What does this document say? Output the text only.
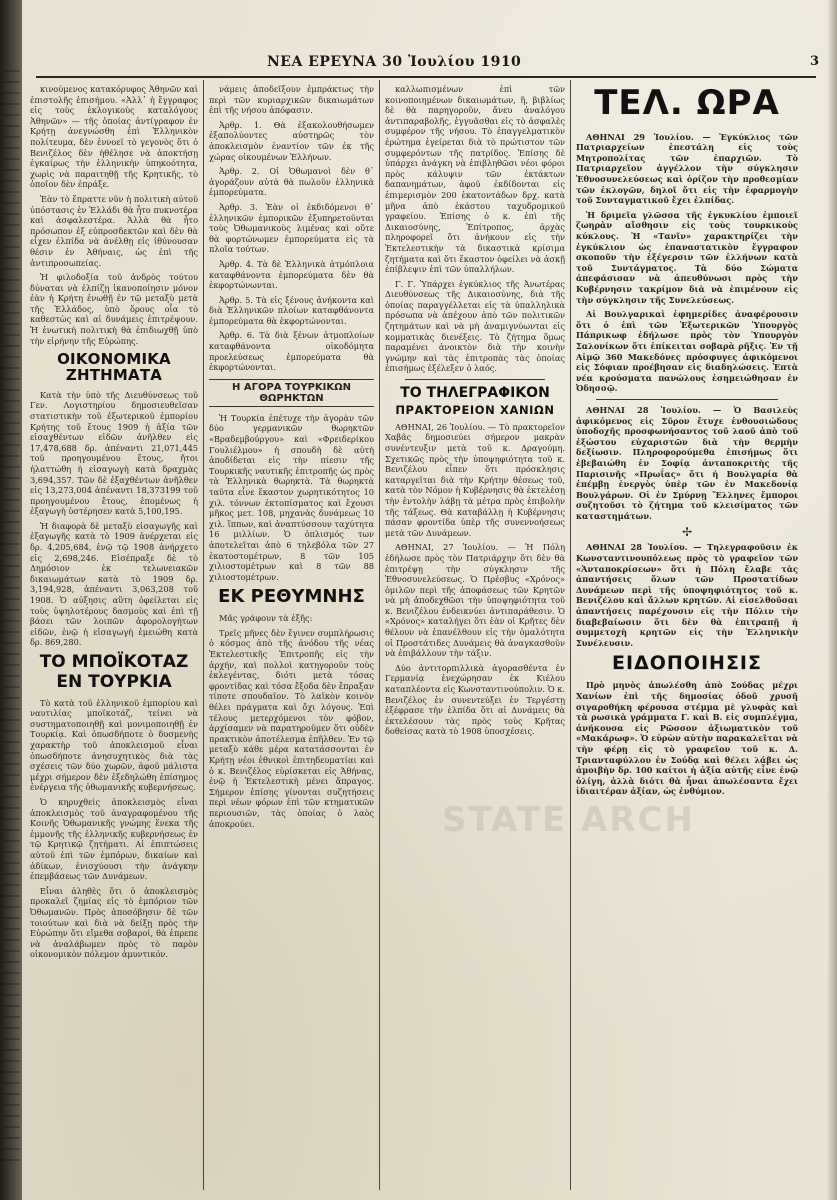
ΝΕΑ ΕΡΕΥΝΑ 30 Ἰουλίου 1910	3

κινούμενος κατακόρυφος Ἀθηνῶν καὶ ἐπιστολῆς ἐπισήμου. «Ἀλλ᾽ ἡ ἔγγραφος εἰς τοὺς ἐκλογικοὺς καταλόγους Ἀθηνῶν» — τῆς ὁποίας ἀντίγραφον ἐν Κρήτῃ ἀνεγνώσθη ἐπὶ Ἑλληνικὸν πολίτευμα, δὲν ἐννοεῖ τὸ γεγονὸς ὅτι ὁ Βενιζέλος δὲν ἠθέλησε νὰ ἀποκτήσῃ ἐγκαίρως τὴν ἑλληνικὴν ὑπηκοότητα, χωρὶς νὰ παραιτηθῇ τῆς Κρητικῆς, τὸ ὁποῖον δὲν ἐπράξε.

Ἐὰν τὸ ἔπραττε νῦν ἡ πολιτικὴ αὐτοῦ ὑπόστασις ἐν Ἑλλάδι θὰ ἦτο πυκνοτέρα καὶ ἀσφαλεστέρα. Ἀλλὰ θὰ ἦτο πρόσωπον ἐξ εὐπροσδεκτῶν καὶ δὲν θὰ εἶχεν ἐλπίδα νὰ ἀνέλθῃ εἰς ἰθύνουσαν θέσιν ἐν Ἀθήναις, ὡς ἐπὶ τῆς ἀντιπροσωπείας.

Ἡ φιλοδοξία τοῦ ἀνδρὸς τούτου δύναται νὰ ἐλπίζῃ ἱκανοποίησιν μόνον ἐὰν ἡ Κρήτη ἑνωθῇ ἐν τῷ μεταξὺ μετὰ τῆς Ἑλλάδος, ὑπὸ ὅρους οἷα τὸ καθεστὼς καὶ αἱ δυνάμεις ἐπιτρέψουν. Ἡ ἑνωτικὴ πολιτικὴ θὰ ἐπιδιωχθῇ ὑπὸ τὴν εἰρήνην τῆς Εὐρώπης.

ΟΙΚΟΝΟΜΙΚΑ ΖΗΤΗΜΑΤΑ

Κατὰ τὴν ὑπὸ τῆς Διευθύνσεως τοῦ Γεν. Λογιστηρίου δημοσιευθεῖσαν στατιστικὴν τοῦ ἐξωτερικοῦ ἐμπορίου Κρήτης τοῦ ἔτους 1909 ἡ ἀξία τῶν εἰσαχθέντων εἰδῶν ἀνῆλθεν εἰς 17,478,688 δρ. ἀπέναντι 21,071,445 τοῦ προηγουμένου ἔτους, ἤτοι ἠλαττώθη ἡ εἰσαγωγὴ κατὰ δραχμὰς 3,694,357. Τῶν δὲ ἐξαχθέντων ἀνῆλθεν εἰς 13,273,004 ἀπέναντι 18,373199 τοῦ προηγουμένου ἔτους, ἐπομένως ἡ ἐξαγωγὴ ὑστέρησεν κατὰ 5,100,195.

Ἡ διαφορὰ δὲ μεταξὺ εἰσαγωγῆς καὶ ἐξαγωγῆς κατὰ τὸ 1909 ἀνέρχεται εἰς δρ. 4,205,684, ἐνῷ τῷ 1908 ἀνήρχετο εἰς 2,698,246. Εἰσέπραξε δὲ τὸ Δημόσιον ἐκ τελωνειακῶν δικαιωμάτων κατὰ τὸ 1909 δρ. 3,194,928, ἀπέναντι 3,063,208 τοῦ 1908. Ὁ αὐξησις αὕτη ὀφείλεται εἰς τοὺς ὑψηλοτέρους δασμοὺς καὶ ἐπὶ τῇ βάσει τῶν λοιπῶν ἀφορολογήτων εἰδῶν, ἐνῷ ἡ εἰσαγωγὴ ἐμειώθη κατὰ δρ. 869,280.

ΤΟ ΜΠΟΪΚΟΤΑΖ
ΕΝ ΤΟΥΡΚΙΑ

Τὸ κατὰ τοῦ ἑλληνικοῦ ἐμπορίου καὶ ναυτιλίας μποϊκοτάζ, τείνει νὰ συστηματοποιηθῇ καὶ μονιμοποιηθῇ ἐν Τουρκίᾳ. Καὶ ὁπωσδήποτε ὁ δυσμενὴς χαρακτὴρ τοῦ ἀποκλεισμοῦ εἶναι ὁπωσδήποτε ἀνησυχητικὸς διὰ τὰς σχέσεις τῶν δύο χωρῶν, ἀφοῦ μάλιστα μέχρι σήμερον δὲν ἐξεδηλώθη ἐπίσημος ἐνέργεια τῆς ὀθωμανικῆς κυβερνήσεως.

Ὁ κηρυχθεὶς ἀποκλεισμὸς εἶναι ἀποκλεισμὸς τοῦ ἀναγραφομένου τῆς Κοινῆς Ὀθωμανικῆς γνώμης ἕνεκα τῆς ἐμμονῆς τῆς ἑλληνικῆς κυβερνήσεως ἐν τῷ Κρητικῷ ζητήματι. Αἱ ἐπιπτώσεις αὐτοῦ ἐπὶ τῶν ἐμπόρων, δικαίων καὶ ἀδίκων, ἐνισχύουσι τὴν ἀνάγκην ἐπεμβάσεως τῶν Δυνάμεων.

Εἶναι ἀληθὲς ὅτι ὁ ἀποκλεισμὸς προκαλεῖ ζημίας εἰς τὸ ἐμπόριον τῶν Ὀθωμανῶν. Πρὸς ἀποσόβησιν δὲ τῶν τοιούτων καὶ διὰ νὰ δείξῃ πρὸς τὴν Εὐρώπην ὅτι εἴμεθα σοβαροί, θὰ ἐπρεπε νὰ ἀναλάβωμεν πρὸς τὸ παρὸν οἰκονομικὸν πόλεμον ἀμυντικόν.

νάμεις ἀποδεῖξουν ἐμπράκτως τὴν περὶ τῶν κυριαρχικῶν δικαιωμάτων ἐπὶ τῆς νήσου ἀπόφασιν.

Ἀρθρ. 1. Θὰ ἐξακολουθήσωμεν ἐξαπολύοντες αὐστηρῶς τὸν ἀποκλεισμὸν ἐναντίον τῶν ἐκ τῆς χώρας οἰκουμένων Ἑλλήνων.

Ἀρθρ. 2. Οἱ Ὀθωμανοὶ δὲν θ᾽ ἀγοράζουν αὐτὰ θὰ πωλοῦν ἑλληνικὰ ἐμπορεύματα.

Ἀρθρ. 3. Ἐὰν οἱ ἐκδιδόμενοι θ᾽ ἐλληνικῶν ἐμπορικῶν ἐξυπηρετοῦνται τοὺς Ὀθωμανικοὺς λιμένας καὶ οὔτε θὰ φορτώνωμεν ἐμπορεύματα εἰς τὰ πλοῖα τούτων.

Ἀρθρ. 4. Τὰ δὲ Ἑλληνικὰ ἀτμόπλοια καταφθάνοντα ἐμπορεύματα δὲν θὰ ἐκφορτώνωνται.

Ἀρθρ. 5. Τὰ εἰς ξένους ἀνήκοντα καὶ διὰ Ἑλληνικῶν πλοίων καταφθάνοντα ἐμπορεύματα θὰ ἐκφορτώνονται.

Ἀρθρ. 6. Τὰ διὰ ξένων ἀτμοπλοίων καταφθάνοντα οἰκοδόμητα προελεύσεως ἐμπορεύματα θὰ ἐκφορτώνονται.

Η ΑΓΟΡΑ ΤΟΥΡΚΙΚΩΝ ΘΩΡΗΚΤΩΝ

Ἡ Τουρκία ἐπέτυχε τὴν ἀγορὰν τῶν δύο γερμανικῶν θωρηκτῶν «Βραδεμβούργου» καὶ «Φρειδερίκου Γουλιέλμου» ἡ σπουδὴ δὲ αὐτὴ ἀποδίδεται εἰς τὴν πίεσιν τῆς Τουρκικῆς ναυτικῆς ἐπιτροπῆς ὡς πρὸς τὰ Ἑλληνικὰ θωρηκτὰ. Τὰ θωρηκτὰ ταῦτα εἶνε ἕκαστον χωρητικότητος 10 χιλ. τόννων ἐκτοπίσματος καὶ ἔχουσι μῆκος μετ. 108, μηχανὰς δυνάμεως 10 χιλ. ἵππων, καὶ ἀναπτύσσουν ταχύτητα 16 μιλλίων. Ὁ ὁπλισμός των ἀποτελεῖται ἀπὸ 6 τηλεβόλα τῶν 27 ἑκατοστομέτρων, 8 τῶν 105 χιλιοστομέτρων καὶ 8 τῶν 88 χιλιοστομέτρων.

ΕΚ ΡΕΘΥΜΝΗΣ

Μᾶς γράφουν τὰ ἑξῆς:

Τρεῖς μῆνες δὲν ἔγινεν συμπλήρωσις ὁ κόσμος ἀπὸ τῆς ἀνόδου τῆς νέας Ἐκτελεστικῆς Ἐπιτροπῆς εἰς τὴν ἀρχήν, καὶ πολλοὶ κατηγοροῦν τοὺς ἐκλεγέντας, διότι μετὰ τόσας φροντίδας καὶ τόσα ἔξοδα δὲν ἔπραξαν τίποτε σπουδαῖον. Τὸ λαϊκὸν κοινὸν θέλει πράγματα καὶ ὄχι λόγους. Ἐπὶ τέλους μετερχόμενοι τὸν φόβον, ἀρχίσαμεν νὰ παρατηροῦμεν ὅτι οὐδὲν πρακτικὸν ἀποτέλεσμα ἐπῆλθεν. Ἐν τῷ μεταξὺ κάθε μέρα κατατάσσονται ἐν Κρήτῃ νέοι ἐθνικοὶ ἐπιτηδευματίαι καὶ ὁ κ. Βενιζέλος εὑρίσκεται εἰς Ἀθήνας, ἐνῷ ἡ Ἐκτελεστικὴ μένει ἄπραγος. Σήμερον ἐπίσης γίνονται συζητήσεις περὶ νέων φόρων ἐπὶ τῶν κτηματικῶν περιουσιῶν, τὰς ὁποίας ὁ λαὸς ἀποκρούει.

καλλωπισμένων ἐπὶ τῶν κοινοποιημένων δικαιωμάτων, ἢ, βιβλίως δὲ θὰ παρηγοροῦν, ἄνευ ἀναλόγου ἀντιπαραβολῆς, ἐγγυᾶσθαι εἰς τὸ ἀσφαλὲς συμφέρον τῆς νήσου. Τὸ ἐπαγγελματικὸν ἐρώτημα ἐγείρεται διὰ τὸ πρώτιστον τῶν συμφερόντων τῆς πατρίδος. Ἐπίσης δὲ ὑπάρχει ἀνάγκη νὰ ἐπιβληθῶσι νέοι φόροι πρὸς κάλυψιν τῶν ἐκτάκτων δαπανημάτων, ἀφοῦ ἐκδίδονται εἰς ἐπιμερισμὸν 200 ἑκατοντάδων δρχ. κατὰ μῆνα ἀπὸ ἑκάστου ταχυδρομικοῦ γραφείου. Ἐπίσης ὁ κ. ἐπὶ τῆς Δικαιοσύνης, Ἐπίτροπος, ἀρχὰς πληροφορεῖ ὅτι ἀνήκουν εἰς τὴν Ἐκτελεστικὴν τὰ δικαστικὰ κρίσιμα ζητήματα καὶ ὅτι ἕκαστον ὀφείλει νὰ ἀσκῇ ἐπίβλεψιν ἐπὶ τῶν ὑπαλλήλων.

Γ. Γ. Ὑπάρχει ἐγκύκλιος τῆς Ἀνωτέρας Διευθύνσεως τῆς Δικαιοσύνης, διὰ τῆς ὁποίας παραγγέλλεται εἰς τὰ ὑπαλληλικὰ πρόσωπα νὰ ἀπέχουν ἀπὸ τῶν πολιτικῶν ζητημάτων καὶ νὰ μὴ ἀναμιγνύωνται εἰς κομματικὰς διενέξεις. Τὸ ζήτημα ὅμως παραμένει ἀνοικτὸν διὰ τὴν κοινὴν γνώμην καὶ τὰς ἐπιτροπὰς τὰς ὁποίας ἐπισήμως ἐξέλεξεν ὁ λαός.

ΤΟ ΤΗΛΕΓΡΑΦΙΚΟΝ
ΠΡΑΚΤΟΡΕΙΟΝ ΧΑΝΙΩΝ

ΑΘΗΝΑΙ, 26 Ἰουλίου. — Τὸ πρακτορεῖον Χαβᾶς δημοσιεύει σήμερον μακρὰν συνέντευξιν μετὰ τοῦ κ. Δραγούμη. Σχετικῶς πρὸς τὴν ὑποψηφιότητα τοῦ κ. Βενιζέλου εἶπεν ὅτι πρόσκλησις καταργεῖται διὰ τὴν Κρήτην θέσεως τοῦ, κατὰ τὸν Νόμον ἡ Κυβέρνησις θὰ ἐκτελέσῃ τὴν ἐντολὴν λάβῃ τὰ μέτρα πρὸς ἐπιβολὴν τῆς τάξεως. Θὰ καταβάλλῃ ἡ Κυβέρνησις πάσαν φροντίδα ὑπὲρ τῆς συνεννοήσεως μετὰ τῶν Δυνάμεων.

ΑΘΗΝΑΙ, 27 Ἰουλίου. — Ἡ Πόλη ἐδήλωσε πρὸς τὸν Πατριάρχην ὅτι δὲν θὰ ἐπιτρέψῃ τὴν σύγκλησιν τῆς Ἐθνοσυνελεύσεως. Ὁ Πρέσβυς «Χρόνος» ὁμιλῶν περὶ τῆς ἀποφάσεως τῶν Κρητῶν νὰ μὴ ἀποδεχθῶσι τὴν ὑποψηφιότητα τοῦ κ. Βενιζέλου ἐνδεικνύει ἀντιπαράθεσιν. Ὁ «Χρόνος» καταλήγει ὅτι ἐὰν οἱ Κρῆτες δὲν θέλουν νὰ ἐπανέλθουν εἰς τὴν ὁμαλότητα οἱ Προστάτιδες Δυνάμεις θὰ ἀναγκασθοῦν νὰ ἐπιβάλλουν τὴν τάξιν.

Δύο ἀντιτορπιλλικὰ ἀγορασθέντα ἐν Γερμανίᾳ ἐνεχώρησαν ἐκ Κιέλου καταπλέοντα εἰς Κωνσταντινούπολιν. Ὁ κ. Βενιζέλος ἐν συνεντεύξει ἐν Τεργέστῃ ἐξέφρασε τὴν ἐλπίδα ὅτι αἱ Δυνάμεις θὰ ἐκτελέσουν τὰς πρὸς τοὺς Κρῆτας δοθείσας κατὰ τὸ 1908 ὑποσχέσεις.

ΤΕΛ. ΩΡΑ

ΑΘΗΝΑΙ 29 Ἰουλίου. — Ἐγκύκλιος τῶν Πατριαρχείων ἐπεστάλη εἰς τοὺς Μητροπολίτας τῶν ἐπαρχιῶν. Τὸ Πατριαρχεῖον ἀγγέλλον τὴν σύγκλησιν Ἐθνοσυνελεύσεως καὶ ὁρίζον τὴν προθεσμίαν τῶν ἐκλογῶν, δηλοῖ ὅτι εἰς τὴν ἐφαρμογὴν τοῦ Συνταγματικοῦ ἔχει ἐλπίδας.

Ἡ δριμεῖα γλῶσσα τῆς ἐγκυκλίου ἐμποιεῖ ζωηρὰν αἴσθησιν εἰς τοὺς τουρκικοὺς κύκλους. Ἡ «Τανῖν» χαρακτηρίζει τὴν ἐγκύκλιον ὡς ἐπαναστατικὸν ἔγγραφον σκοποῦν τὴν ἐξέγερσιν τῶν ἑλλήνων κατὰ τοῦ Συντάγματος. Τὰ δύο Σώματα ἀπεφάσισαν νὰ ἀπευθύνωσι πρὸς τὴν Κυβέρνησιν τακρίμον διὰ νὰ ἐπιμένουν εἰς τὴν σύγκλησιν τῆς Συνελεύσεως.

Αἱ Βουλγαρικαὶ ἐφημερίδες ἀναφέρουσιν ὅτι ὁ ἐπὶ τῶν Ἐξωτερικῶν Ὑπουργὸς Πάπρικωφ ἐδήλωσε πρὸς τὸν Ὑπουργὸν Σαλονίκων ὅτι ἐπίκειται σοβαρὰ ρῆξις. Ἐν τῇ Αἰμῷ 360 Μακεδόνες πρόσφυγες ἀφικόμενοι εἰς Σόφιαν προέβησαν εἰς διαδηλώσεις. Ἑπτὰ νέα κρούσματα πανώλους ἐσημειώθησαν ἐν Ὀδησσῷ.

ΑΘΗΝΑΙ 28 Ἰουλίου. — Ὁ Βασιλεὺς ἀφικόμενος εἰς Σῦρον ἔτυχε ἐνθουσιώδους ὑποδοχῆς προσφωνήσαντος τοῦ λαοῦ ἀπὸ τοῦ ἐξώστου εὐχαριστῶν διὰ τὴν θερμὴν δεξίωσιν. Πληροφορούμεθα ἐπισήμως ὅτι ἐβεβαιώθη ἐν Σοφίᾳ ἀνταποκριτὴς τῆς Παρισινῆς «Πρωΐας» ὅτι ἡ Βουλγαρία θὰ ἐπέμβῃ ἐνεργὸς ὑπὲρ τῶν ἐν Μακεδονίᾳ Βουλγάρων. Οἱ ἐν Σμύρνῃ Ἕλληνες ἔμποροι συζητοῦσι τὸ ζήτημα τοῦ κλεισίματος τῶν καταστημάτων.

✢

ΑΘΗΝΑΙ 28 Ἰουλίου. — Τηλεγραφοῦσιν ἐκ Κωνσταντινουπόλεως πρὸς τὸ γραφεῖον τῶν «Ἀνταποκρίσεων» ὅτι ἡ Πόλη ἔλαβε τὰς ἀπαντήσεις ὅλων τῶν Προστατίδων Δυνάμεων περὶ τῆς ὑποψηφιότητος τοῦ κ. Βενιζέλου καὶ ἄλλων κρητῶν. Αἱ εἰσελθοῦσαι ἀπαντήσεις παρέχουσιν εἰς τὴν Πόλιν τὴν διαβεβαίωσιν ὅτι δὲν θὰ ἐπιτραπῇ ἡ συμμετοχὴ κρητῶν εἰς τὴν Ἑλληνικὴν Συνέλευσιν.

ΕΙΔΟΠΟΙΗΣΙΣ

Πρὸ μηνὸς ἀπωλέσθη ἀπὸ Σούδας μέχρι Χανίων ἐπὶ τῆς δημοσίας ὁδοῦ χρυσῆ σιγαροθήκη φέρουσα στέμμα μὲ γλυφὰς καὶ τὰ ρωσικὰ γράμματα Γ. καὶ Β. εἰς συμπλέγμα, ἀνήκουσα εἰς Ρῶσσον ἀξιωματικὸν τοῦ «Μακάρωφ». Ὁ εὑρὼν αὐτὴν παρακαλεῖται νὰ τὴν φέρῃ εἰς τὸ γραφεῖον τοῦ κ. Δ. Τριανταφύλλου ἐν Σούδᾳ καὶ θέλει λάβει ὡς ἀμοιβὴν δρ. 100 καίτοι ἡ ἀξία αὐτῆς εἶνε ἐνῷ ὀλίγη, ἀλλὰ διότι θὰ ἦναι ἀπωλέσαντα ἔχει ἰδιαιτέραν ἀξίαν, ὡς ἐνθύμιον.

STATE ARCH
